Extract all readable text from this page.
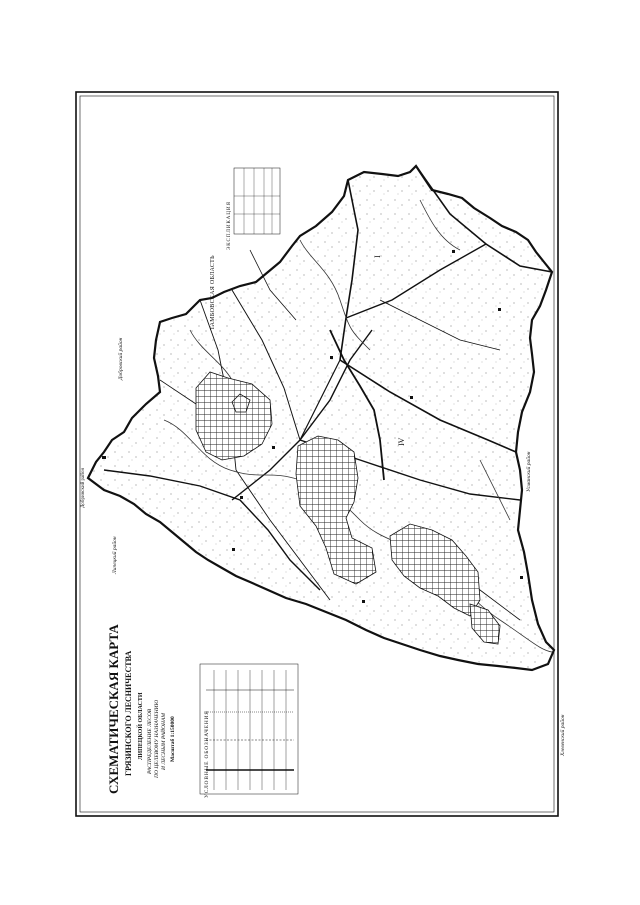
СХЕМАТИЧЕСКАЯ КАРТА ГРЯЗИНСКОГО ЛЕСНИЧЕСТВА ЛИПЕЦКОЙ ОБЛАСТИ РАСПРЕДЕЛЕНИЕ ЛЕСОВ ПО ЦЕЛЕВОМУ НАЗНАЧЕНИЮ И ЛЕСНЫМ РАЙОНАМ Масштаб 1:150000	УСЛОВНЫЕ ОБОЗНАЧЕНИЯ
ЭКСПЛИКАЦИЯ
ТАМБОВСКАЯ ОБЛАСТЬ
Добринский район
Липецкий район
Добровский район
Усманский район
Хлевенский район
I
IV
